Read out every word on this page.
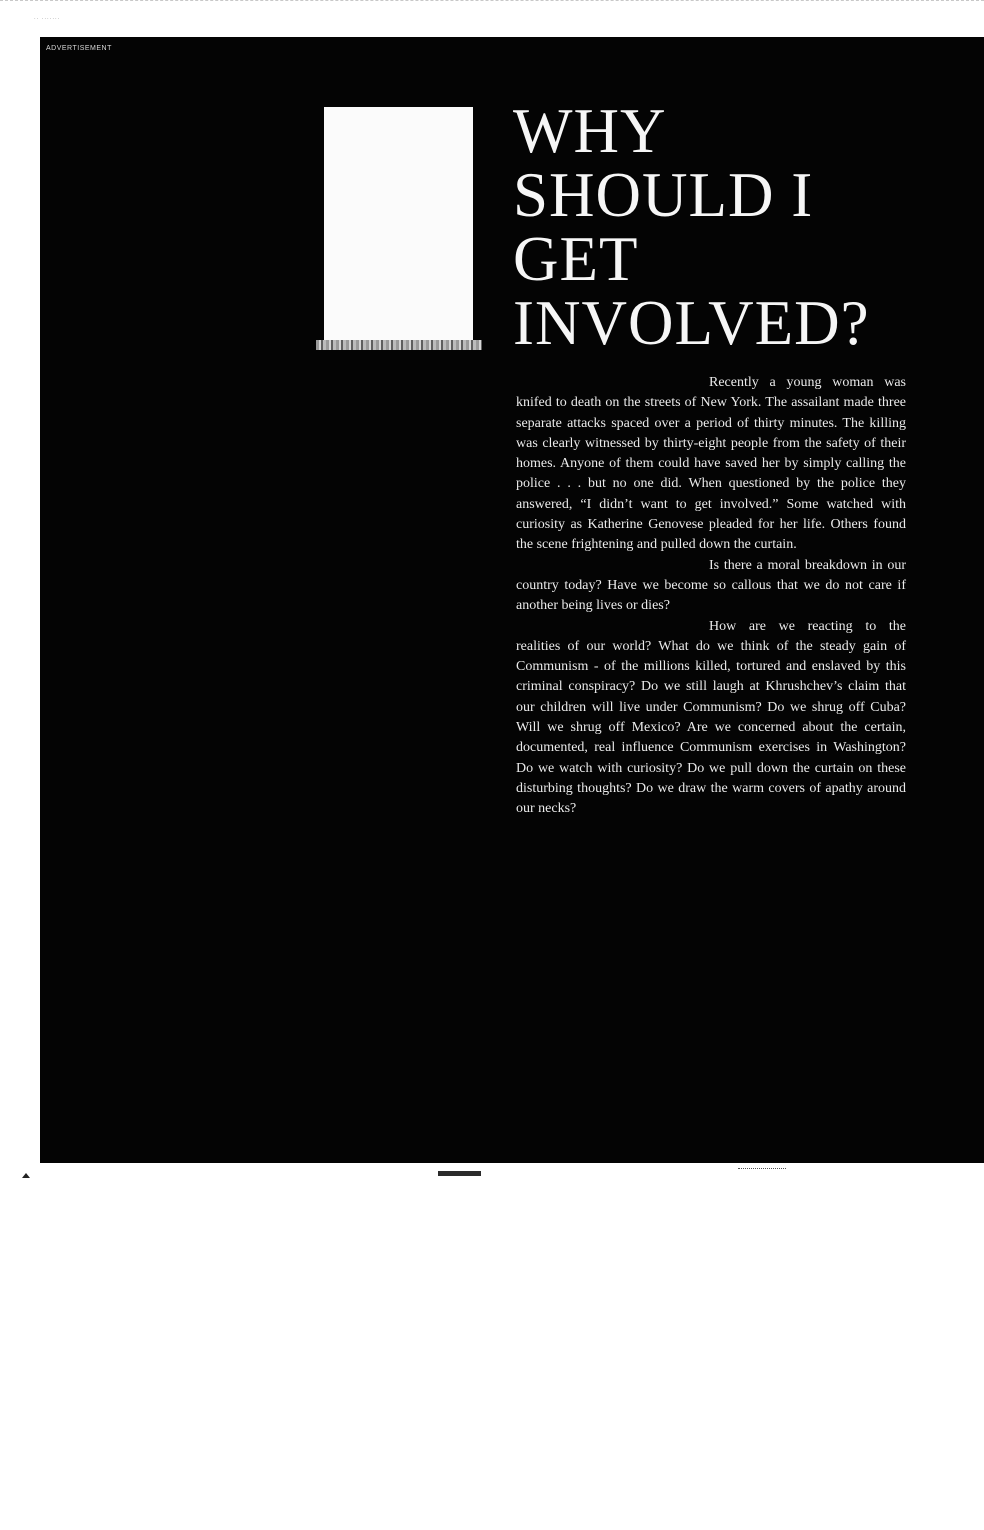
·· ·······
ADVERTISEMENT
WHY
SHOULD I
GET
INVOLVED?

Recently a young woman was knifed to death on the streets of New York. The assailant made three separate attacks spaced over a period of thirty minutes. The killing was clearly witnessed by thirty-eight people from the safety of their homes. Anyone of them could have saved her by simply calling the police . . . but no one did. When questioned by the police they answered, “I didn’t want to get involved.” Some watched with curiosity as Katherine Genovese pleaded for her life. Others found the scene frightening and pulled down the curtain.

Is there a moral breakdown in our country today? Have we become so callous that we do not care if another being lives or dies?

How are we reacting to the realities of our world? What do we think of the steady gain of Communism - of the millions killed, tortured and enslaved by this criminal conspiracy? Do we still laugh at Khrushchev’s claim that our children will live under Communism? Do we shrug off Cuba? Will we shrug off Mexico? Are we concerned about the certain, documented, real influence Communism exercises in Washington? Do we watch with curiosity? Do we pull down the curtain on these disturbing thoughts? Do we draw the warm covers of apathy around our necks?
